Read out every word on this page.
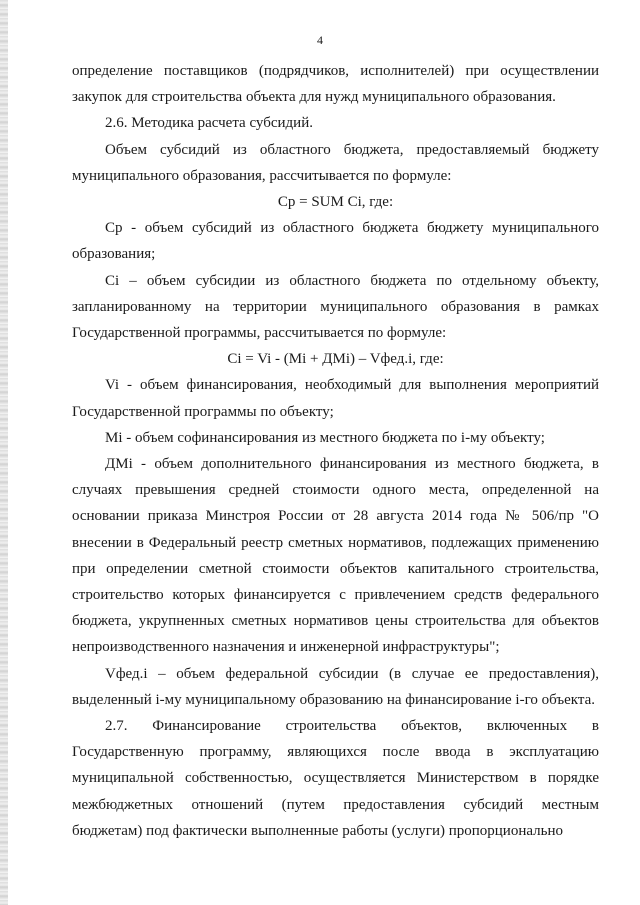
4

определение поставщиков (подрядчиков, исполнителей) при осуществлении закупок для строительства объекта для нужд муниципального образования.

2.6. Методика расчета субсидий.

Объем субсидий из областного бюджета, предоставляемый бюджету муниципального образования, рассчитывается по формуле:

Ср = SUM Сi, где:

Ср - объем субсидий из областного бюджета бюджету муниципального образования;

Сi – объем субсидии из областного бюджета по отдельному объекту, запланированному на территории муниципального образования в рамках Государственной программы, рассчитывается по формуле:

Сi = Vi - (Мi + ДМi) – Vфед.i, где:

Vi - объем финансирования, необходимый для выполнения мероприятий Государственной программы по объекту;

Мi - объем софинансирования из местного бюджета по i-му объекту;

ДМi - объем дополнительного финансирования из местного бюджета, в случаях превышения средней стоимости одного места, определенной на основании приказа Минстроя России от 28 августа 2014 года № 506/пр "О внесении в Федеральный реестр сметных нормативов, подлежащих применению при определении сметной стоимости объектов капитального строительства, строительство которых финансируется с привлечением средств федерального бюджета, укрупненных сметных нормативов цены строительства для объектов непроизводственного назначения и инженерной инфраструктуры";

Vфед.i – объем федеральной субсидии (в случае ее предоставления), выделенный i-му муниципальному образованию на финансирование i-го объекта.

2.7. Финансирование строительства объектов, включенных в Государственную программу, являющихся после ввода в эксплуатацию муниципальной собственностью, осуществляется Министерством в порядке межбюджетных отношений (путем предоставления субсидий местным бюджетам) под фактически выполненные работы (услуги) пропорционально
